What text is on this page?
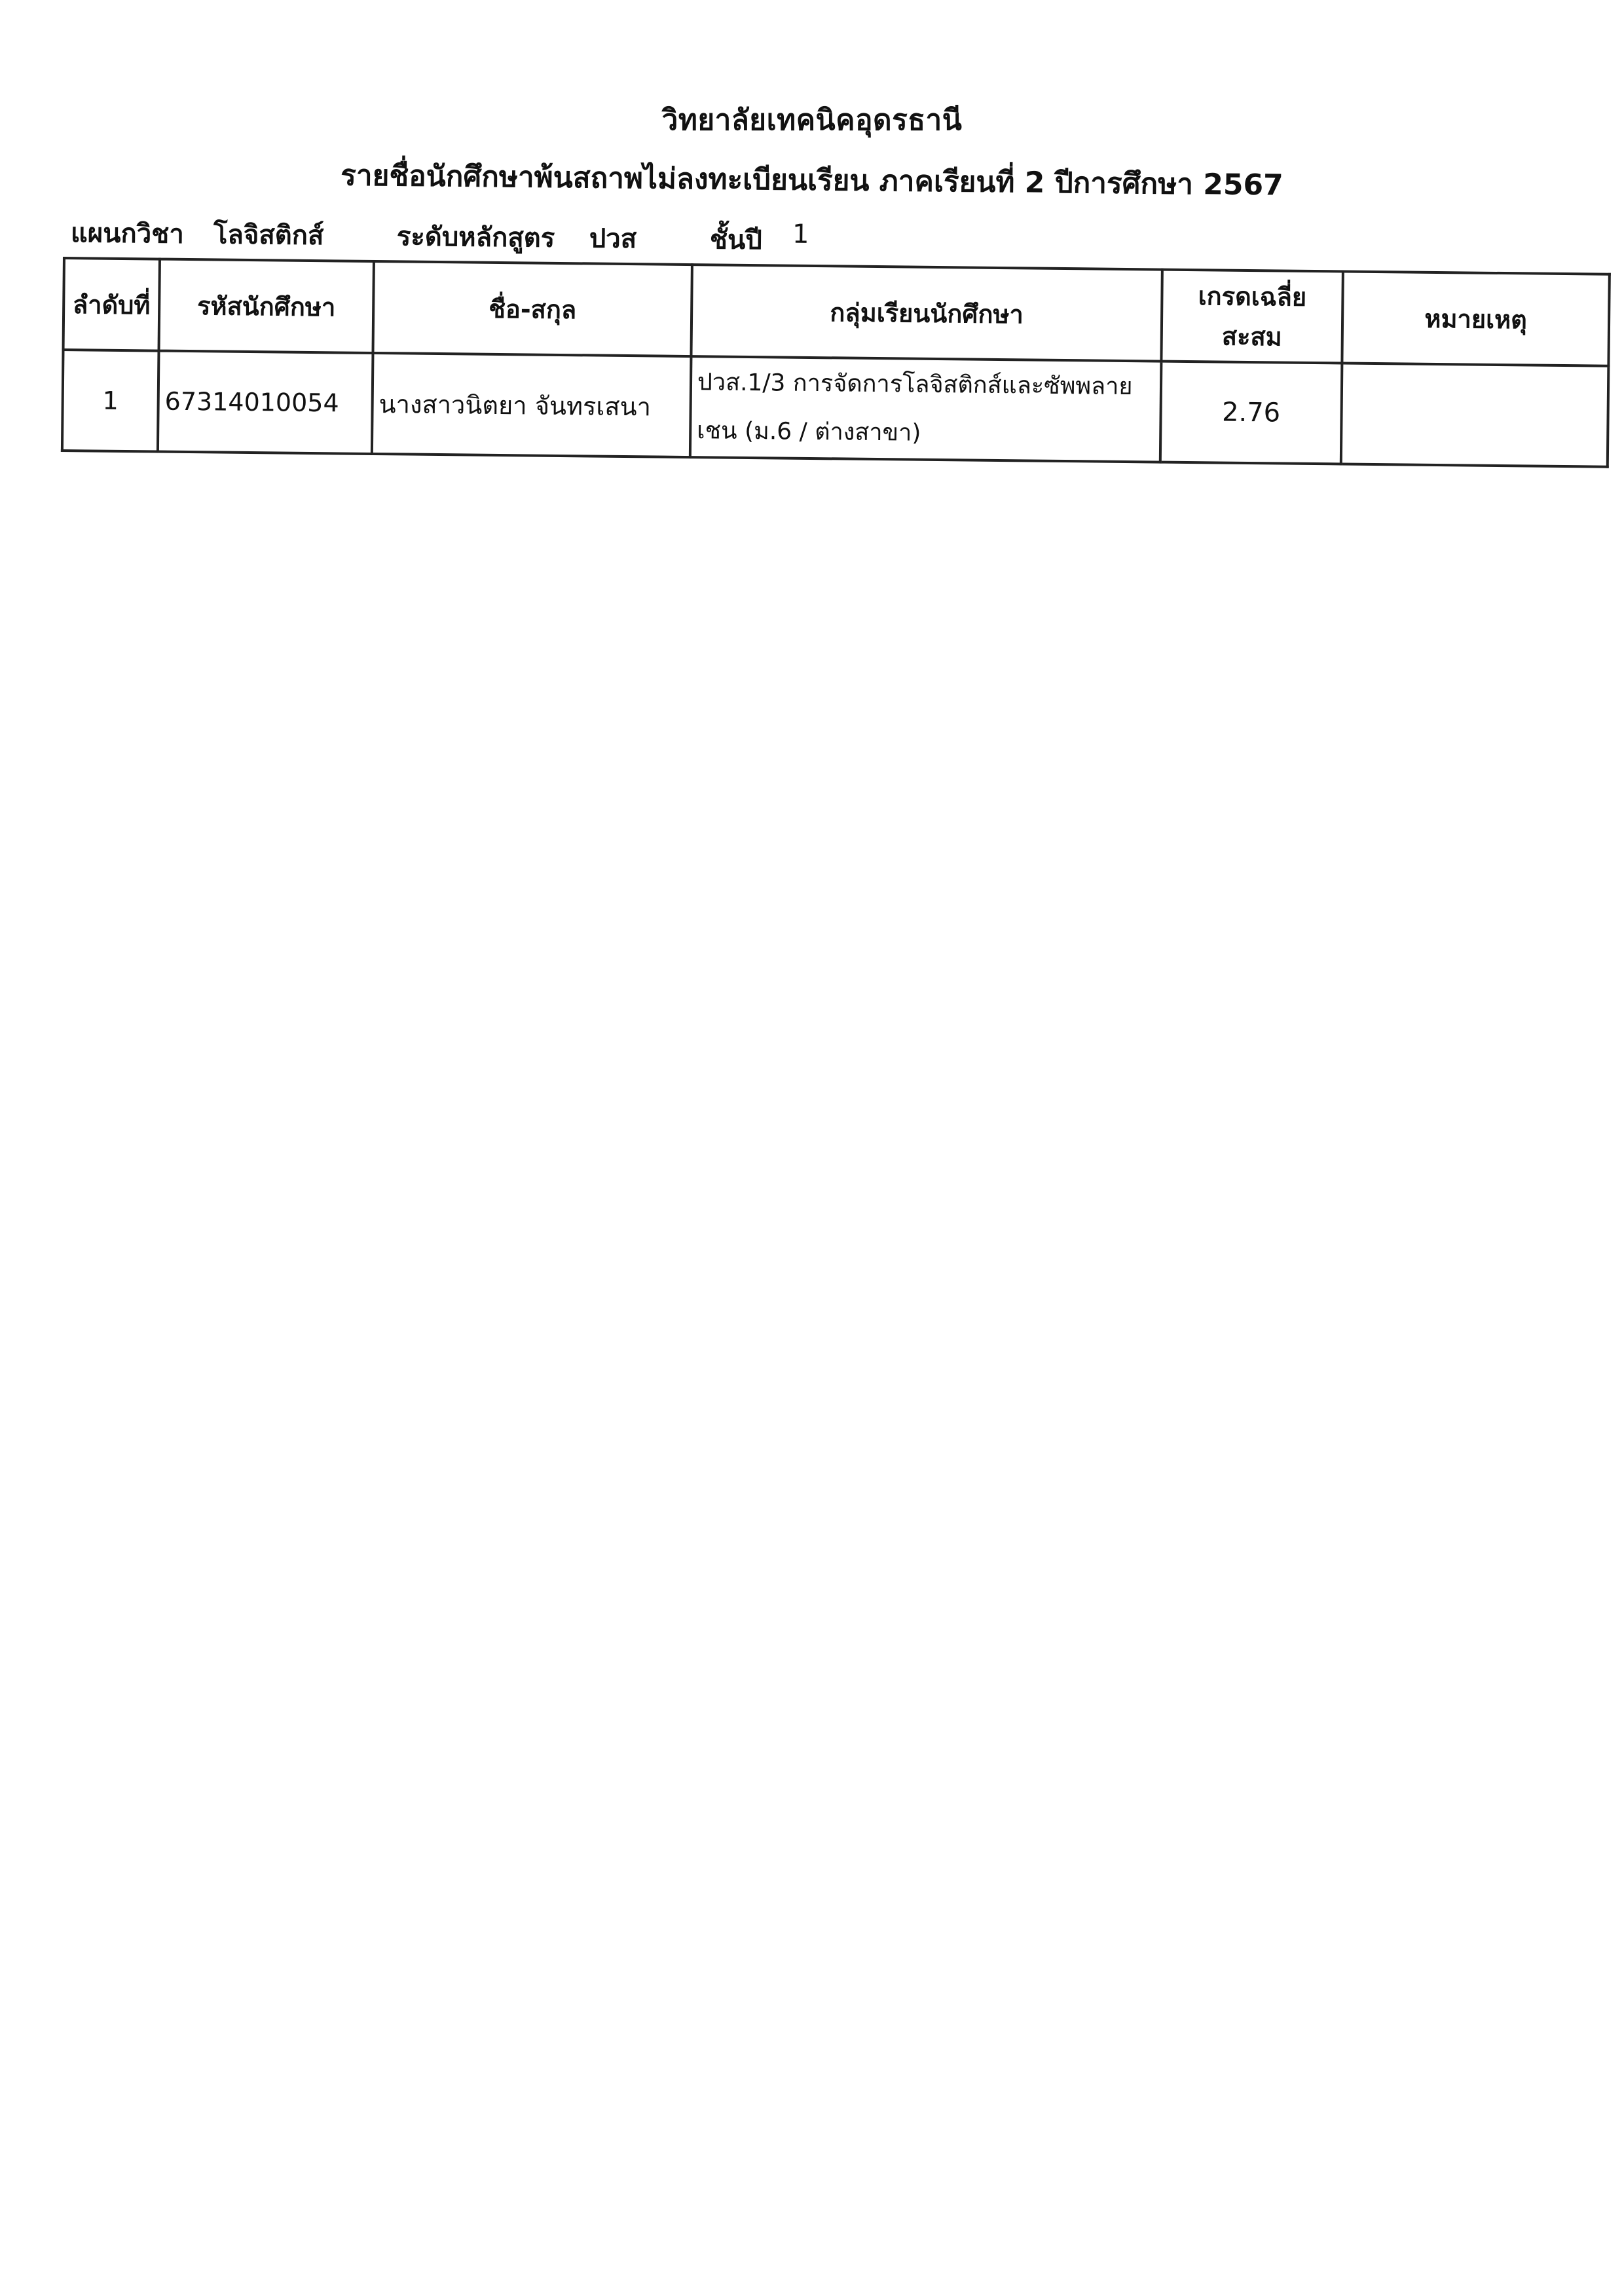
วิทยาลัยเทคนิคอุดรธานี
รายชื่อนักศึกษาพ้นสถาพไม่ลงทะเบียนเรียน ภาคเรียนที่ 2 ปีการศึกษา 2567
แผนกวิชา โลจิสติกส์	ระดับหลักสูตร ปวส	ชั้นปี 1
ลำดับที่	รหัสนักศึกษา	ชื่อ-สกุล	กลุ่มเรียนนักศึกษา	เกรดเฉลี่ยสะสม	หมายเหตุ
1	67314010054	นางสาวนิตยา จันทรเสนา	ปวส.1/3 การจัดการโลจิสติกส์และซัพพลาย
เชน (ม.6 / ต่างสาขา)	2.76	
